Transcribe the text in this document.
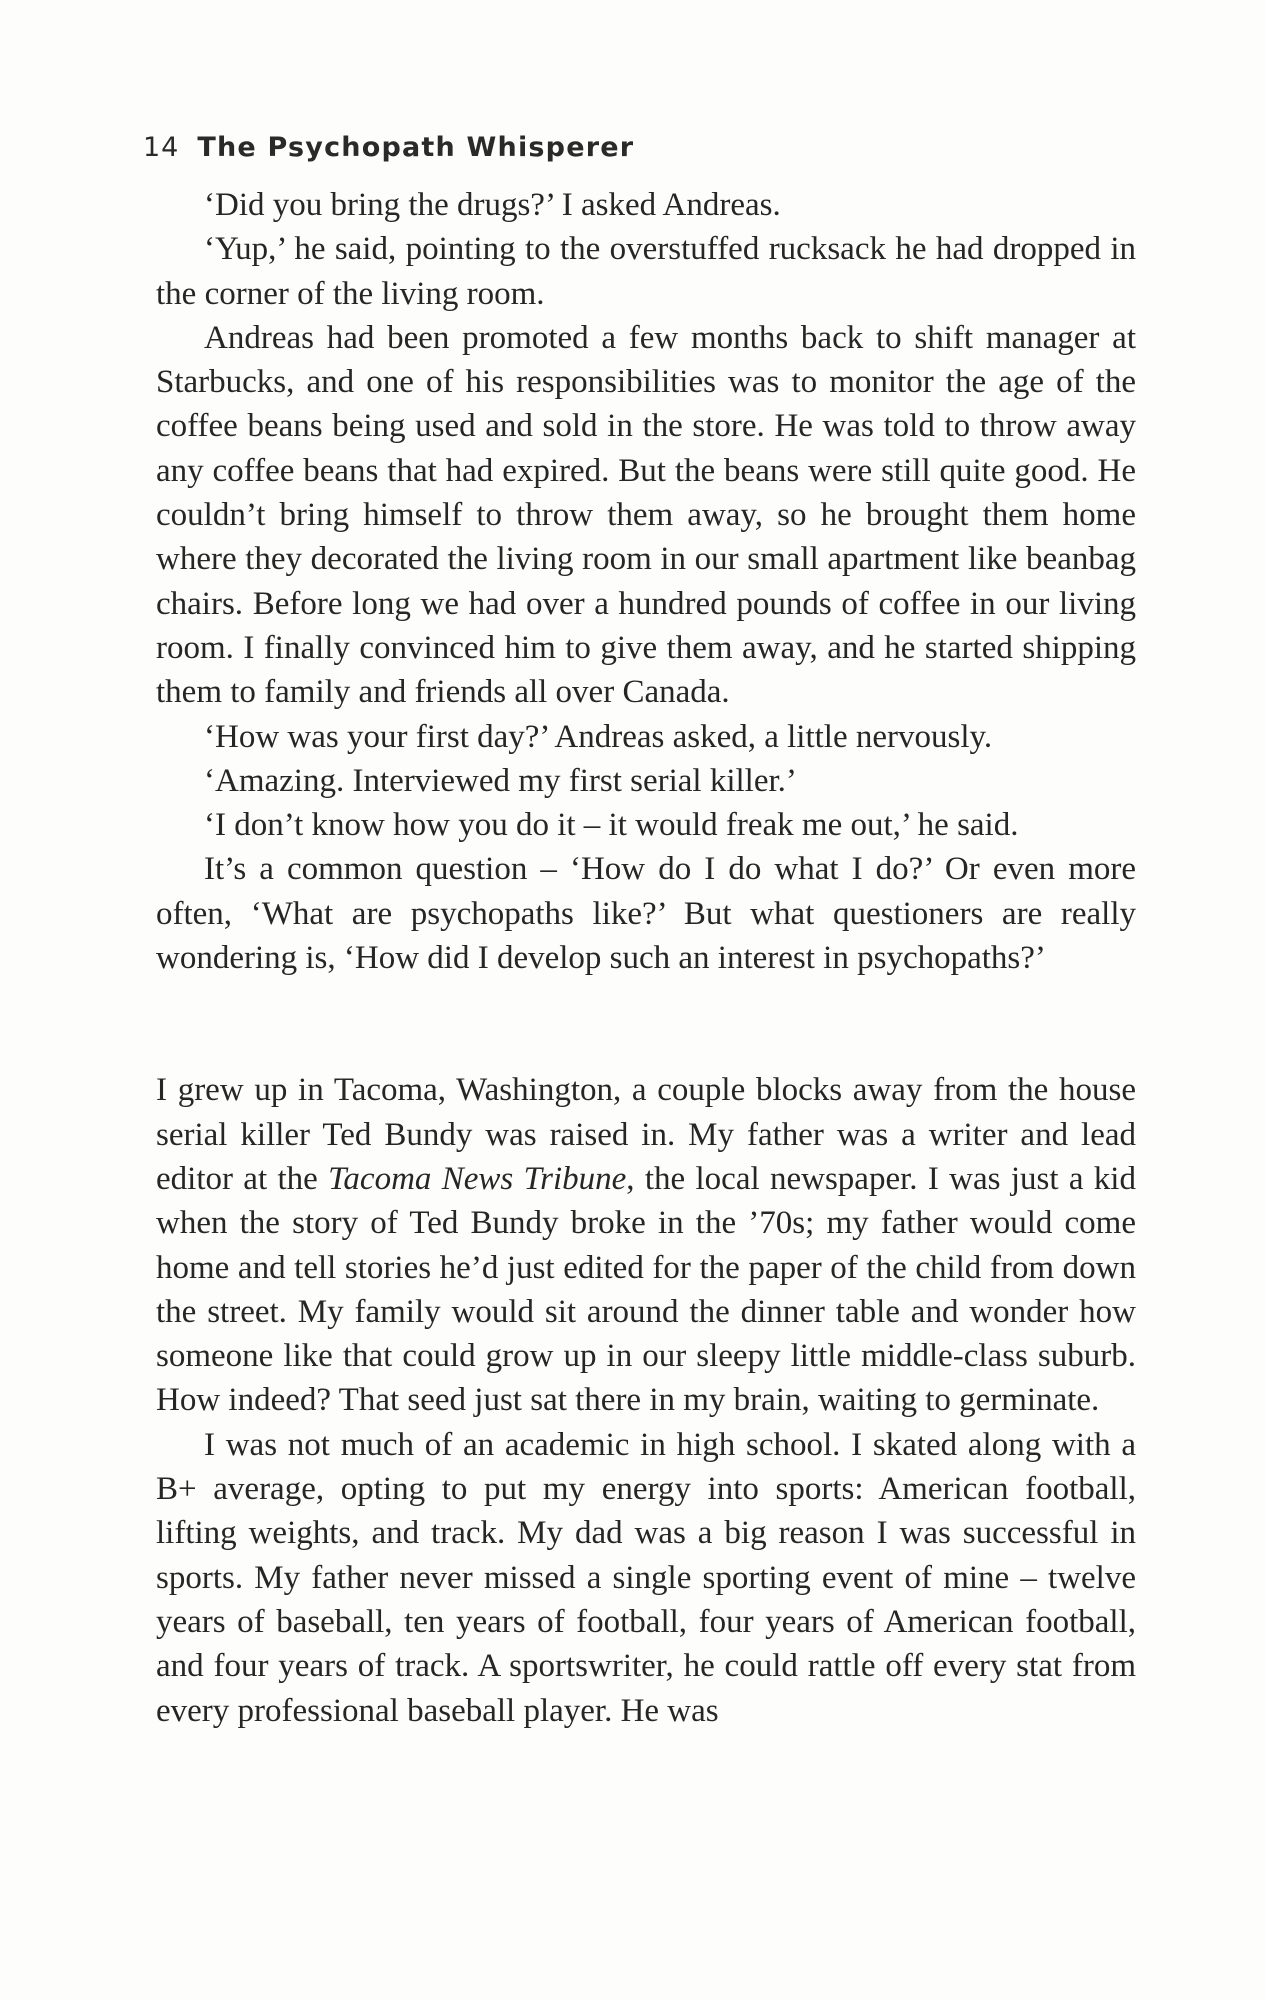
14 The Psychopath Whisperer

‘Did you bring the drugs?’ I asked Andreas.

‘Yup,’ he said, pointing to the overstuffed rucksack he had dropped in the corner of the living room.

Andreas had been promoted a few months back to shift manager at Starbucks, and one of his responsibilities was to monitor the age of the coffee beans being used and sold in the store. He was told to throw away any coffee beans that had expired. But the beans were still quite good. He couldn’t bring himself to throw them away, so he brought them home where they decorated the living room in our small apartment like beanbag chairs. Before long we had over a hundred pounds of coffee in our living room. I finally convinced him to give them away, and he started shipping them to family and friends all over Canada.

‘How was your first day?’ Andreas asked, a little nervously.

‘Amazing. Interviewed my first serial killer.’

‘I don’t know how you do it – it would freak me out,’ he said.

It’s a common question – ‘How do I do what I do?’ Or even more often, ‘What are psychopaths like?’ But what questioners are really wondering is, ‘How did I develop such an interest in psychopaths?’

I grew up in Tacoma, Washington, a couple blocks away from the house serial killer Ted Bundy was raised in. My father was a writer and lead editor at the Tacoma News Tribune, the local newspaper. I was just a kid when the story of Ted Bundy broke in the ’70s; my father would come home and tell stories he’d just edited for the paper of the child from down the street. My family would sit around the dinner table and wonder how someone like that could grow up in our sleepy little middle-class suburb. How indeed? That seed just sat there in my brain, waiting to germinate.

I was not much of an academic in high school. I skated along with a B+ average, opting to put my energy into sports: American football, lifting weights, and track. My dad was a big reason I was successful in sports. My father never missed a single sporting event of mine – twelve years of baseball, ten years of football, four years of American football, and four years of track. A sportswriter, he could rattle off every stat from every professional baseball player. He was
